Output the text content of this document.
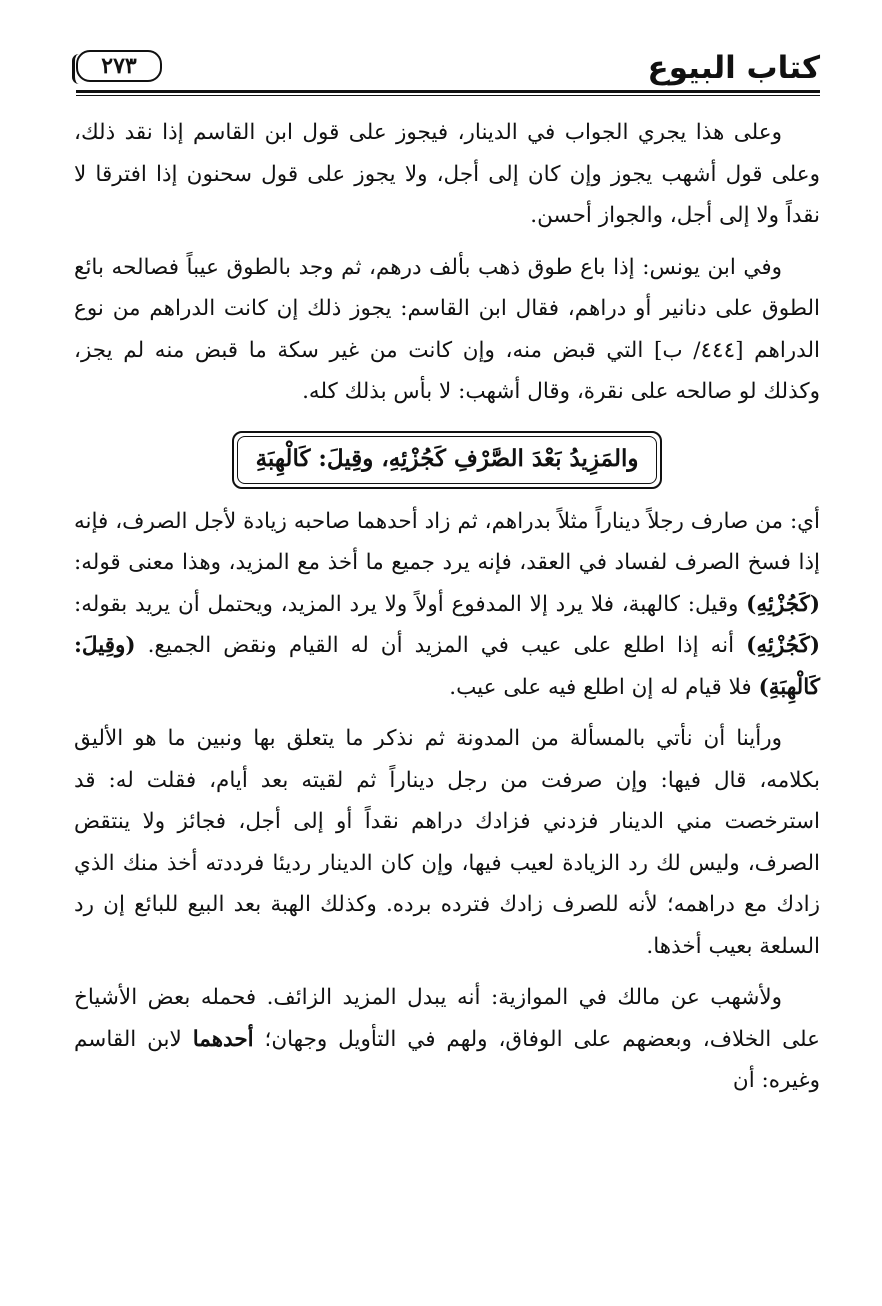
كتاب البيوع
٢٧٣

وعلى هذا يجري الجواب في الدينار، فيجوز على قول ابن القاسم إذا نقد ذلك، وعلى قول أشهب يجوز وإن كان إلى أجل، ولا يجوز على قول سحنون إذا افترقا لا نقداً ولا إلى أجل، والجواز أحسن.

وفي ابن يونس: إذا باع طوق ذهب بألف درهم، ثم وجد بالطوق عيباً فصالحه بائع الطوق على دنانير أو دراهم، فقال ابن القاسم: يجوز ذلك إن كانت الدراهم من نوع الدراهم [٤٤٤/ ب] التي قبض منه، وإن كانت من غير سكة ما قبض منه لم يجز، وكذلك لو صالحه على نقرة، وقال أشهب: لا بأس بذلك كله.

والمَزِيدُ بَعْدَ الصَّرْفِ كَجُزْئِهِ، وقِيلَ: كَالْهِبَةِ

أي: من صارف رجلاً ديناراً مثلاً بدراهم، ثم زاد أحدهما صاحبه زيادة لأجل الصرف، فإنه إذا فسخ الصرف لفساد في العقد، فإنه يرد جميع ما أخذ مع المزيد، وهذا معنى قوله: (كَجُزْئِهِ) وقيل: كالهبة، فلا يرد إلا المدفوع أولاً ولا يرد المزيد، ويحتمل أن يريد بقوله: (كَجُزْئِهِ) أنه إذا اطلع على عيب في المزيد أن له القيام ونقض الجميع. (وقِيلَ: كَالْهِبَةِ) فلا قيام له إن اطلع فيه على عيب.

ورأينا أن نأتي بالمسألة من المدونة ثم نذكر ما يتعلق بها ونبين ما هو الأليق بكلامه، قال فيها: وإن صرفت من رجل ديناراً ثم لقيته بعد أيام، فقلت له: قد استرخصت مني الدينار فزدني فزادك دراهم نقداً أو إلى أجل، فجائز ولا ينتقض الصرف، وليس لك رد الزيادة لعيب فيها، وإن كان الدينار رديئا فرددته أخذ منك الذي زادك مع دراهمه؛ لأنه للصرف زادك فترده برده. وكذلك الهبة بعد البيع للبائع إن رد السلعة بعيب أخذها.

ولأشهب عن مالك في الموازية: أنه يبدل المزيد الزائف. فحمله بعض الأشياخ على الخلاف، وبعضهم على الوفاق، ولهم في التأويل وجهان؛ أحدهما لابن القاسم وغيره: أن
